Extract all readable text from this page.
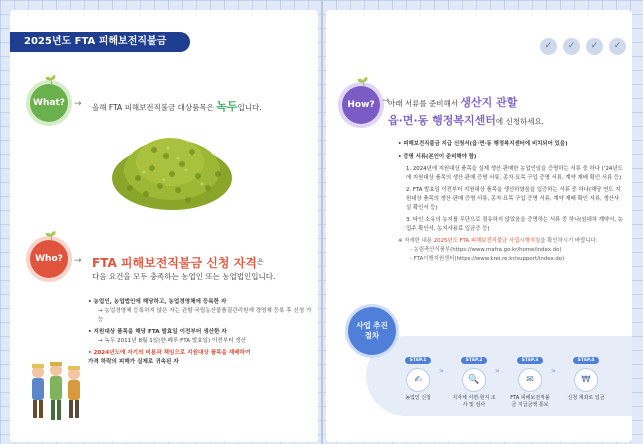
2025년도 FTA 피해보전직불금
What?
🌱
→ 올해 FTA 피해보전직불금 대상품목은 녹두입니다.
Who?
🌱
→ FTA 피해보전직불금 신청 자격 은
다음 요건을 모두 충족하는 농업인 또는 농업법인입니다.
• 농업인, 농업법인에 해당하고, 농업경영체에 등록한 자
→ 농업경영체 등록하지 않은 자는 관할 국립농산물품질관리원에 경영체 등록 후 신청 가능
• 지원대상 품목을 해당 FTA 발효일 이전부터 생산한 자
→ 녹두 2011년 8월 1일(한·페루 FTA 발효일) 이전부터 생산
• 2024년도에 자기의 비용과 책임으로 지원대상 품목을 재배하여
가격 하락의 피해가 실제로 귀속된 자
✓	✓	✓	✓
How?
🌱
→
아래 서류를 준비해서 생산지 관할
읍·면·동 행정복지센터에 신청하세요.
• 피해보전직불금 지급 신청서(읍·면·동 행정복지센터에 비치되어 있음)
• 증명 서류(본인이 준비해야 함)
1. 2024년에 지원대상 품목을 실제 생산·판매한 농업인임을 증명하는 서류 중 하나 (’24년도에 지원대상 품목의 생산·판매 증명 서류, 종자·묘목 구입 증명 서류, 계약 재배 확인 서류 등)
2. FTA 발효일 이전부터 지원대상 품목을 생산하였음을 입증하는 서류 중 하나(해당 연도 지원대상 품목의 생산·판매 증명 서류, 종자·묘목 구입 증명 서류, 계약 재배 확인 서류, 생산사실 확인서 등)
3. 타인 소유의 농지를 무단으로 점유하지 않았음을 증명하는 서류 중 하나(임대차 계약서, 농업주 확인서, 농지사용료 입금증 등)
※ 자세한 내용 2025년도 FTA 피해보전직불금 사업시행지침을 확인하시기 바랍니다.
- 농림축산식품부(https://www.mafra.go.kr/home/index.do)
- FTA이행지원센터(https://www.krei.re.kr/support/index.do)
사업 추진
절차
STEP.1
✍
농업인 신청
STEP.2
🔍
지자체 서면·현지 조사 및 심사
STEP.3
✉
FTA 피해보전직불금 지급금액 통보
STEP.4
₩
신청 계좌로 입금
»	»	»
